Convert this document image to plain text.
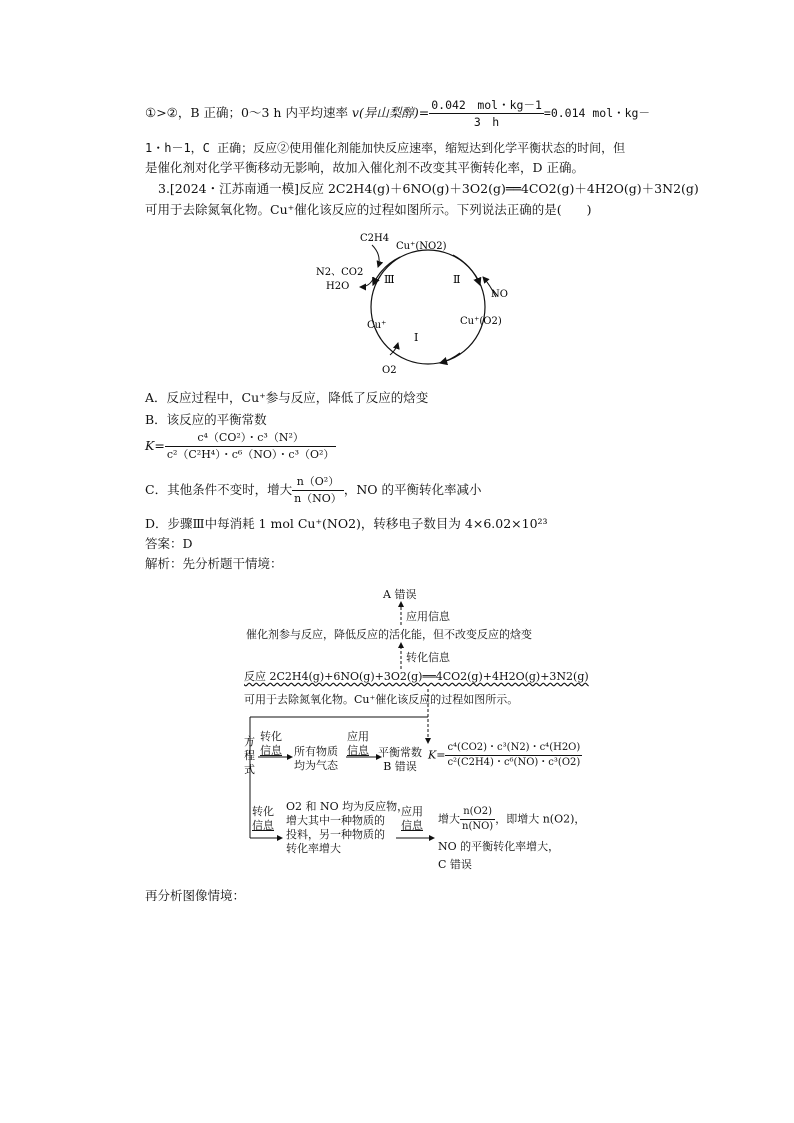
①>②，B 正确；0～3 h 内平均速率 v(异山梨醇)= $\frac{\text{0.042　mol・kg－1}}{3 h} =0.014$ mol・kg－
1・h－1，C 正确；反应②使用催化剂能加快反应速率，缩短达到化学平衡状态的时间，但
是催化剂对化学平衡移动无影响，故加入催化剂不改变其平衡转化率，D 正确。
3.[2024・江苏南通一模]反应 2C2H4(g)＋6NO(g)＋3O2(g)══4CO2(g)＋4H2O(g)＋3N2(g)
可用于去除氮氧化物。Cu⁺催化该反应的过程如图所示。下列说法正确的是(　　)
C2H4
Cu⁺(NO2)
N2、CO2
H2O
Ⅲ	Ⅱ
NO
Cu⁺	Cu⁺(O2)
Ⅰ
O2
A．反应过程中，Cu⁺参与反应，降低了反应的焓变
B．该反应的平衡常数
$K= \frac{\text{c⁴（CO²）・c³（N²）}}{\text{c²（C²H⁴）・c⁶（NO）・c³（O²）}}$
C．其他条件不变时，增大 $\frac{\text{n（O²）}}{n(NO)}$ ，NO 的平衡转化率减小
D．步骤Ⅲ中每消耗 1 mol Cu⁺(NO2)，转移电子数目为 4×6.02×10²³
答案：D
解析：先分析题干情境：
A 错误
应用信息
催化剂参与反应，降低反应的活化能，但不改变反应的焓变
转化信息
反应 2C2H4(g)+6NO(g)+3O2(g)══4CO2(g)+4H2O(g)+3N2(g)
可用于去除氮氧化物。Cu⁺催化该反应的过程如图所示。
方
程
式
转化
信息 所有物质
均为气态
应用
信息 平衡常数
B 错误
$K= \frac{\text{c⁴(CO2)・c³(N2)・c⁴(H2O)}}{\text{c²(C2H4)・c⁶(NO)・c³(O2)}}$
转化
信息
O2 和 NO 均为反应物，
增大其中一种物质的
投料，另一种物质的
转化率增大
应用
信息 增大 $\frac{n(O2)}{n(NO)}$ ，即增大 n(O2)，
NO 的平衡转化率增大，
C 错误
再分析图像情境：
